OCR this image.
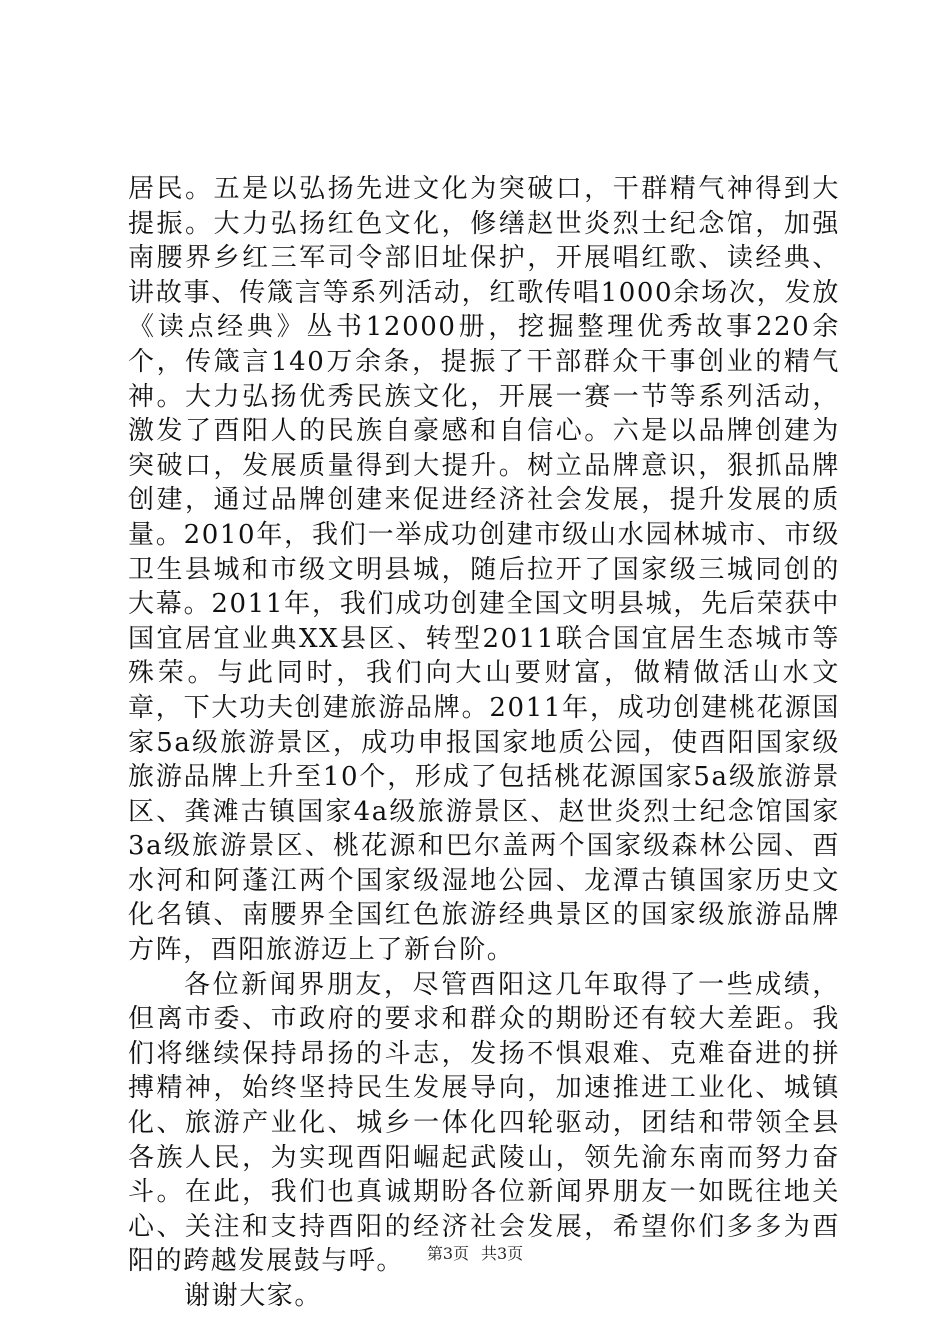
居民。五是以弘扬先进文化为突破口，干群精气神得到大提振。大力弘扬红色文化，修缮赵世炎烈士纪念馆，加强南腰界乡红三军司令部旧址保护，开展唱红歌、读经典、讲故事、传箴言等系列活动，红歌传唱1000余场次，发放《读点经典》丛书12000册，挖掘整理优秀故事220余个，传箴言140万余条，提振了干部群众干事创业的精气神。大力弘扬优秀民族文化，开展一赛一节等系列活动，激发了酉阳人的民族自豪感和自信心。六是以品牌创建为突破口，发展质量得到大提升。树立品牌意识，狠抓品牌创建，通过品牌创建来促进经济社会发展，提升发展的质量。2010年，我们一举成功创建市级山水园林城市、市级卫生县城和市级文明县城，随后拉开了国家级三城同创的大幕。2011年，我们成功创建全国文明县城，先后荣获中国宜居宜业典XX县区、转型2011联合国宜居生态城市等殊荣。与此同时，我们向大山要财富，做精做活山水文章，下大功夫创建旅游品牌。2011年，成功创建桃花源国家5a级旅游景区，成功申报国家地质公园，使酉阳国家级旅游品牌上升至10个，形成了包括桃花源国家5a级旅游景区、龚滩古镇国家4a级旅游景区、赵世炎烈士纪念馆国家3a级旅游景区、桃花源和巴尔盖两个国家级森林公园、酉水河和阿蓬江两个国家级湿地公园、龙潭古镇国家历史文化名镇、南腰界全国红色旅游经典景区的国家级旅游品牌方阵，酉阳旅游迈上了新台阶。

各位新闻界朋友，尽管酉阳这几年取得了一些成绩，但离市委、市政府的要求和群众的期盼还有较大差距。我们将继续保持昂扬的斗志，发扬不惧艰难、克难奋进的拼搏精神，始终坚持民生发展导向，加速推进工业化、城镇化、旅游产业化、城乡一体化四轮驱动，团结和带领全县各族人民，为实现酉阳崛起武陵山，领先渝东南而努力奋斗。在此，我们也真诚期盼各位新闻界朋友一如既往地关心、关注和支持酉阳的经济社会发展，希望你们多多为酉阳的跨越发展鼓与呼。

谢谢大家。

第3页 共3页
